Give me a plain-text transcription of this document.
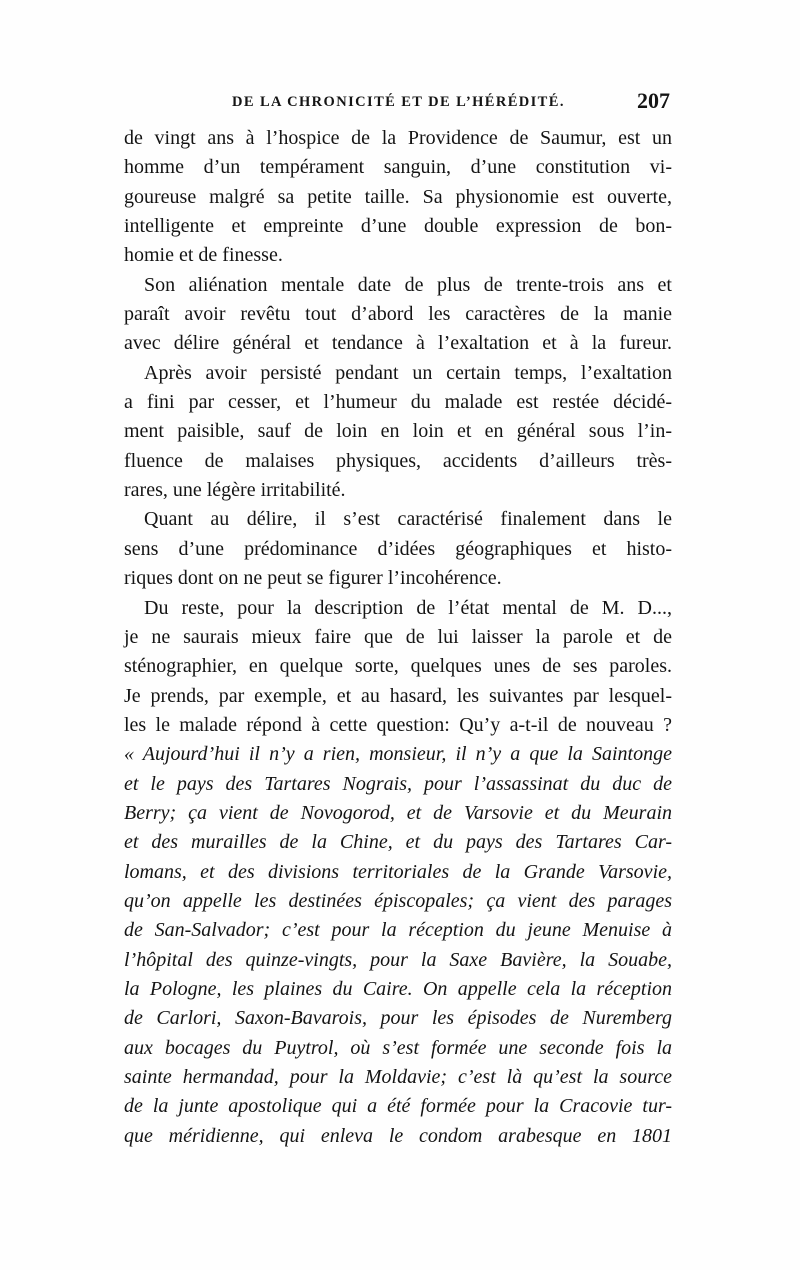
DE LA CHRONICITÉ ET DE L’HÉRÉDITÉ.	207
de vingt ans à l’hospice de la Providence de Saumur, est un
homme d’un tempérament sanguin, d’une constitution vi-
goureuse malgré sa petite taille. Sa physionomie est ouverte,
intelligente et empreinte d’une double expression de bon-
homie et de finesse.
Son aliénation mentale date de plus de trente-trois ans et
paraît avoir revêtu tout d’abord les caractères de la manie
avec délire général et tendance à l’exaltation et à la fureur.
Après avoir persisté pendant un certain temps, l’exaltation
a fini par cesser, et l’humeur du malade est restée décidé-
ment paisible, sauf de loin en loin et en général sous l’in-
fluence de malaises physiques, accidents d’ailleurs très-
rares, une légère irritabilité.
Quant au délire, il s’est caractérisé finalement dans le
sens d’une prédominance d’idées géographiques et histo-
riques dont on ne peut se figurer l’incohérence.
Du reste, pour la description de l’état mental de M. D...,
je ne saurais mieux faire que de lui laisser la parole et de
sténographier, en quelque sorte, quelques unes de ses paroles.
Je prends, par exemple, et au hasard, les suivantes par lesquel-
les le malade répond à cette question: Qu’y a-t-il de nouveau ?
« Aujourd’hui il n’y a rien, monsieur, il n’y a que la Saintonge
et le pays des Tartares Nograis, pour l’assassinat du duc de
Berry; ça vient de Novogorod, et de Varsovie et du Meurain
et des murailles de la Chine, et du pays des Tartares Car-
lomans, et des divisions territoriales de la Grande Varsovie,
qu’on appelle les destinées épiscopales; ça vient des parages
de San-Salvador; c’est pour la réception du jeune Menuise à
l’hôpital des quinze-vingts, pour la Saxe Bavière, la Souabe,
la Pologne, les plaines du Caire. On appelle cela la réception
de Carlori, Saxon-Bavarois, pour les épisodes de Nuremberg
aux bocages du Puytrol, où s’est formée une seconde fois la
sainte hermandad, pour la Moldavie; c’est là qu’est la source
de la junte apostolique qui a été formée pour la Cracovie tur-
que méridienne, qui enleva le condom arabesque en 1801
